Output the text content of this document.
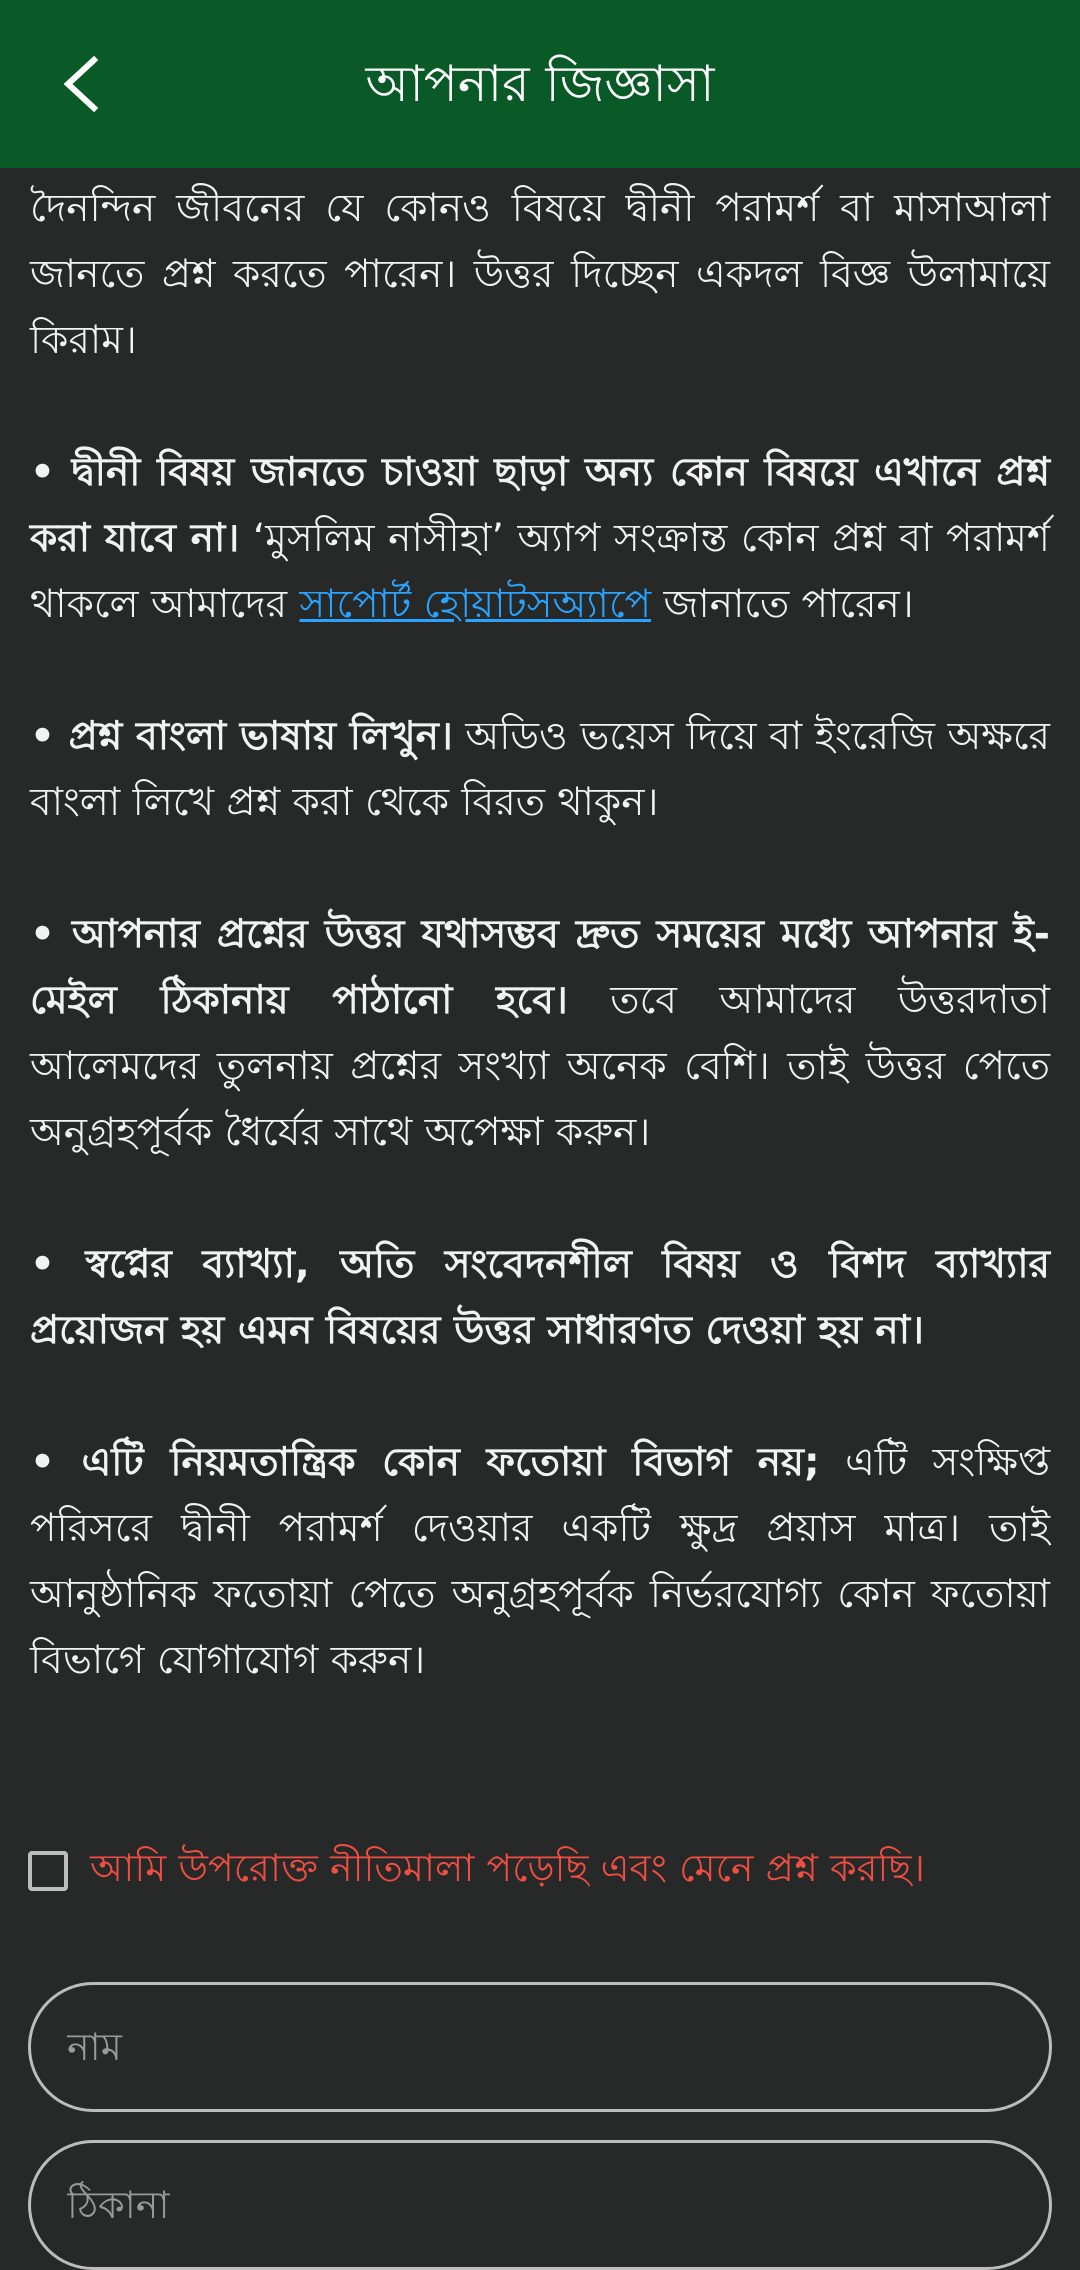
আপনার জিজ্ঞাসা

দৈনন্দিন জীবনের যে কোনও বিষয়ে দ্বীনী পরামর্শ বা মাসাআলা জানতে প্রশ্ন করতে পারেন। উত্তর দিচ্ছেন একদল বিজ্ঞ উলামায়ে কিরাম।

• দ্বীনী বিষয় জানতে চাওয়া ছাড়া অন্য কোন বিষয়ে এখানে প্রশ্ন করা যাবে না। ‘মুসলিম নাসীহা’ অ্যাপ সংক্রান্ত কোন প্রশ্ন বা পরামর্শ থাকলে আমাদের সাপোর্ট হোয়াটসঅ্যাপে জানাতে পারেন।

• প্রশ্ন বাংলা ভাষায় লিখুন। অডিও ভয়েস দিয়ে বা ইংরেজি অক্ষরে বাংলা লিখে প্রশ্ন করা থেকে বিরত থাকুন।

• আপনার প্রশ্নের উত্তর যথাসম্ভব দ্রুত সময়ের মধ্যে আপনার ই-মেইল ঠিকানায় পাঠানো হবে। তবে আমাদের উত্তরদাতা আলেমদের তুলনায় প্রশ্নের সংখ্যা অনেক বেশি। তাই উত্তর পেতে অনুগ্রহপূর্বক ধৈর্যের সাথে অপেক্ষা করুন।

• স্বপ্নের ব্যাখ্যা, অতি সংবেদনশীল বিষয় ও বিশদ ব্যাখ্যার প্রয়োজন হয় এমন বিষয়ের উত্তর সাধারণত দেওয়া হয় না।

• এটি নিয়মতান্ত্রিক কোন ফতোয়া বিভাগ নয়; এটি সংক্ষিপ্ত পরিসরে দ্বীনী পরামর্শ দেওয়ার একটি ক্ষুদ্র প্রয়াস মাত্র। তাই আনুষ্ঠানিক ফতোয়া পেতে অনুগ্রহপূর্বক নির্ভরযোগ্য কোন ফতোয়া বিভাগে যোগাযোগ করুন।

আমি উপরোক্ত নীতিমালা পড়েছি এবং মেনে প্রশ্ন করছি।
নাম
ঠিকানা
